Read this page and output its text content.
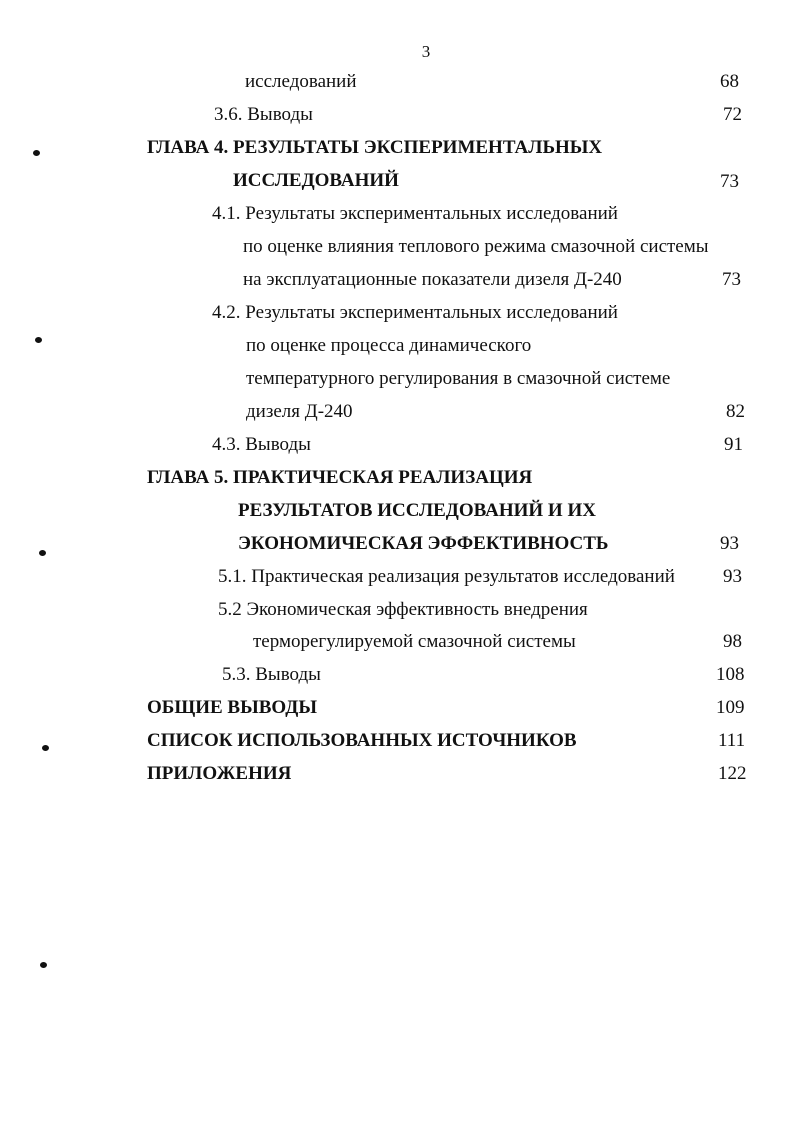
3
исследований	68
3.6. Выводы	72
ГЛАВА 4. РЕЗУЛЬТАТЫ ЭКСПЕРИМЕНТАЛЬНЫХ
ИССЛЕДОВАНИЙ	73
4.1. Результаты экспериментальных исследований
по оценке влияния теплового режима смазочной системы
на эксплуатационные показатели дизеля Д-240	73
4.2. Результаты экспериментальных исследований
по оценке процесса динамического
температурного регулирования в смазочной системе
дизеля Д-240	82
4.3. Выводы	91
ГЛАВА 5. ПРАКТИЧЕСКАЯ РЕАЛИЗАЦИЯ
РЕЗУЛЬТАТОВ ИССЛЕДОВАНИЙ И ИХ
ЭКОНОМИЧЕСКАЯ ЭФФЕКТИВНОСТЬ	93
5.1. Практическая реализация результатов исследований	93
5.2 Экономическая эффективность внедрения
терморегулируемой смазочной системы	98
5.3. Выводы	108
ОБЩИЕ ВЫВОДЫ	109
СПИСОК ИСПОЛЬЗОВАННЫХ ИСТОЧНИКОВ	111
ПРИЛОЖЕНИЯ	122
